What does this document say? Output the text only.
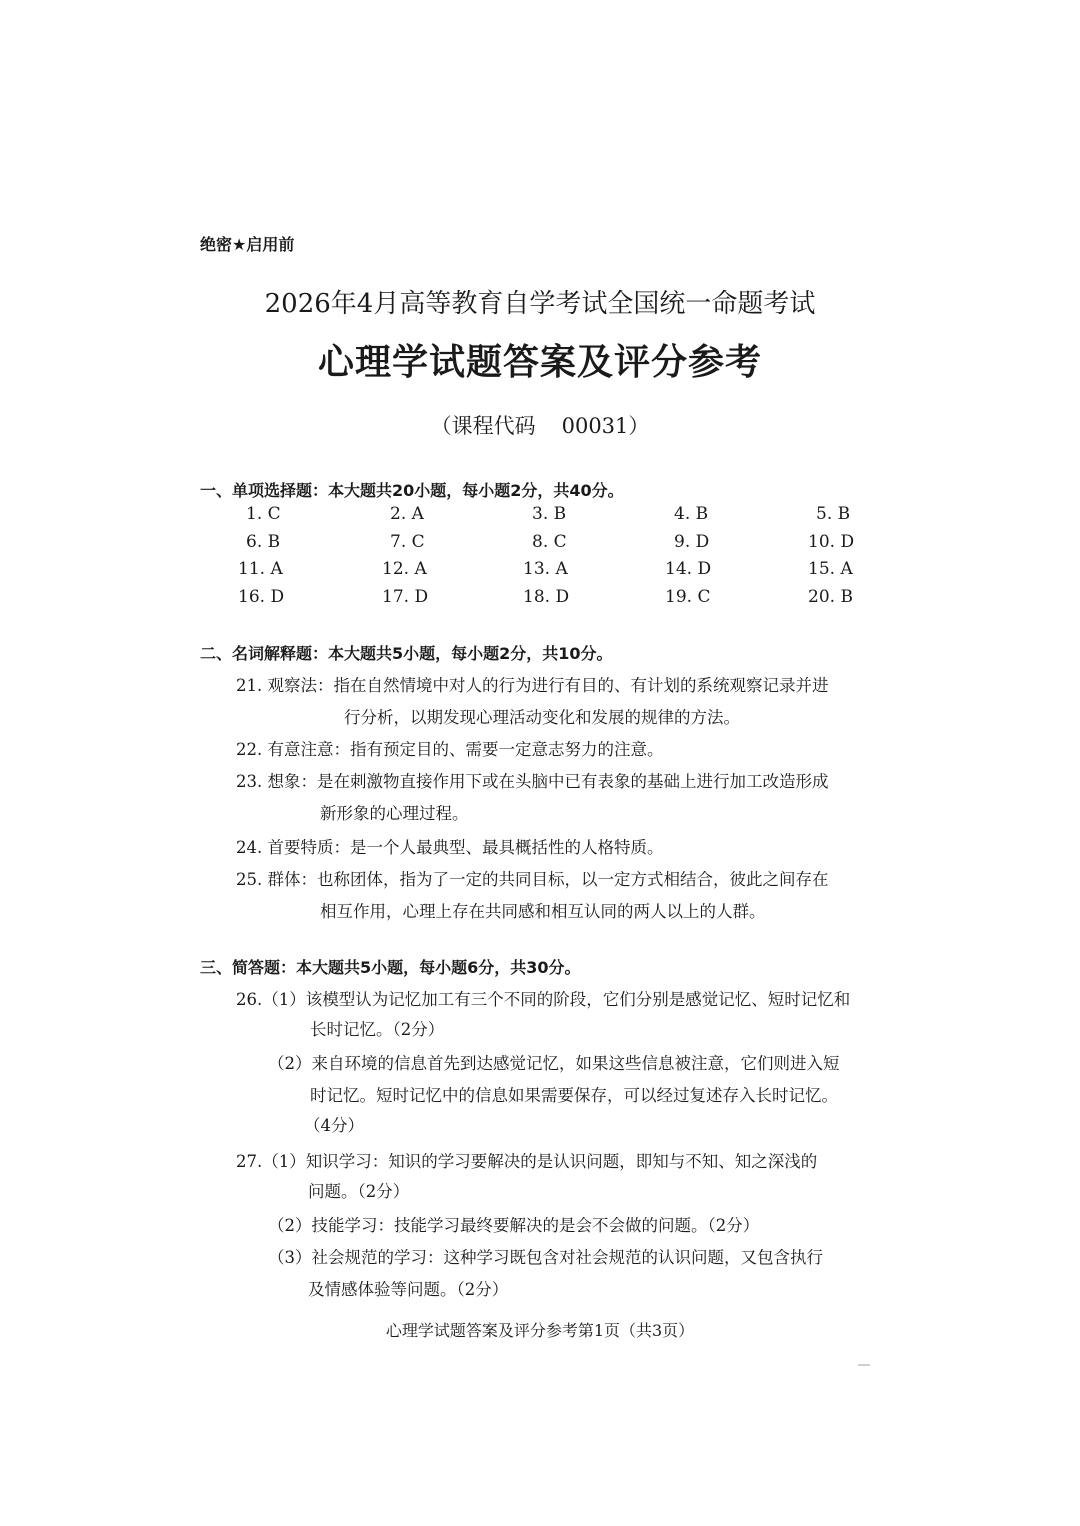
绝密★启用前
2026年4月高等教育自学考试全国统一命题考试
心理学试题答案及评分参考
（课程代码 00031）
一、单项选择题：本大题共20小题，每小题2分，共40分。
1. C	2. A	3. B	4. B	5. B
6. B	7. C	8. C	9. D	10. D
11. A	12. A	13. A	14. D	15. A
16. D	17. D	18. D	19. C	20. B
二、名词解释题：本大题共5小题，每小题2分，共10分。
21. 观察法：指在自然情境中对人的行为进行有目的、有计划的系统观察记录并进
行分析，以期发现心理活动变化和发展的规律的方法。
22. 有意注意：指有预定目的、需要一定意志努力的注意。
23. 想象：是在刺激物直接作用下或在头脑中已有表象的基础上进行加工改造形成
新形象的心理过程。
24. 首要特质：是一个人最典型、最具概括性的人格特质。
25. 群体：也称团体，指为了一定的共同目标，以一定方式相结合，彼此之间存在
相互作用，心理上存在共同感和相互认同的两人以上的人群。
三、简答题：本大题共5小题，每小题6分，共30分。
26.（1）该模型认为记忆加工有三个不同的阶段，它们分别是感觉记忆、短时记忆和
长时记忆。（2分）
（2）来自环境的信息首先到达感觉记忆，如果这些信息被注意，它们则进入短
时记忆。短时记忆中的信息如果需要保存，可以经过复述存入长时记忆。
（4分）
27.（1）知识学习：知识的学习要解决的是认识问题，即知与不知、知之深浅的
问题。（2分）
（2）技能学习：技能学习最终要解决的是会不会做的问题。（2分）
（3）社会规范的学习：这种学习既包含对社会规范的认识问题，又包含执行
及情感体验等问题。（2分）
心理学试题答案及评分参考第1页（共3页）
